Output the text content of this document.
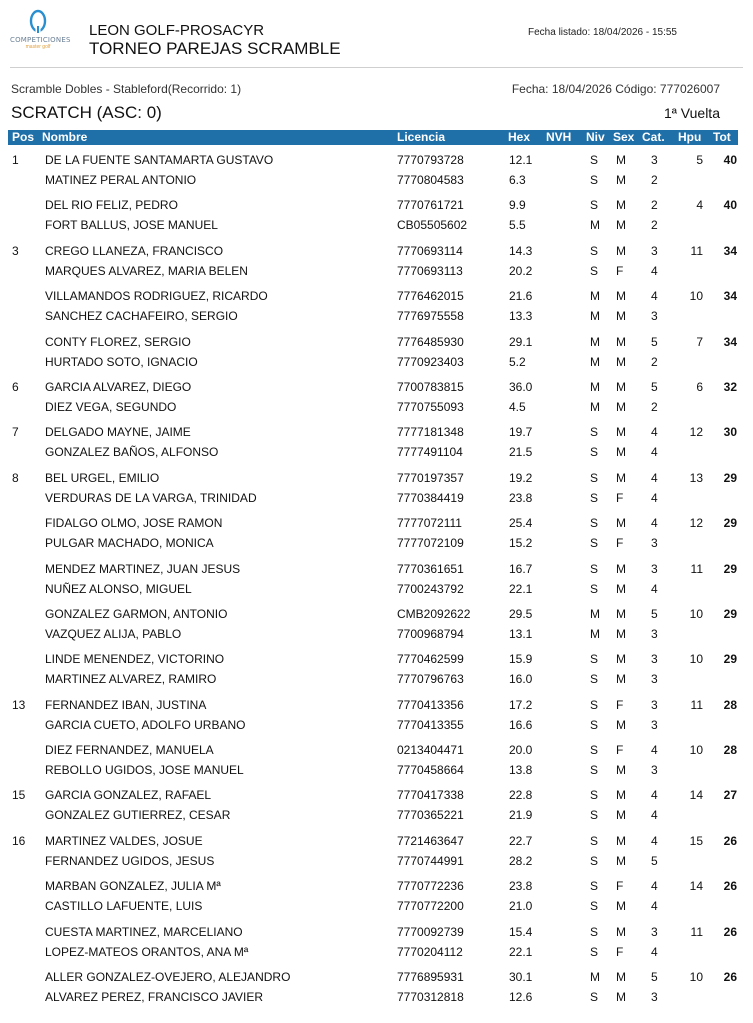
COMPETICIONES
master golf
LEON GOLF-PROSACYR
TORNEO PAREJAS SCRAMBLE
Fecha listado: 18/04/2026 - 15:55
Scramble Dobles - Stableford(Recorrido: 1)	Fecha: 18/04/2026 Código: 777026007
SCRATCH (ASC: 0)	1ª Vuelta
Pos Nombre	Licencia	Hex NVH Niv Sex Cat. Hpu Tot
1 DE LA FUENTE SANTAMARTA GUSTAVO	7770793728	12.1	S M 3	5 40
MATINEZ PERAL ANTONIO	7770804583	6.3	S M 2
DEL RIO FELIZ, PEDRO	7770761721	9.9	S M 2	4 40
FORT BALLUS, JOSE MANUEL	CB05505602	5.5	M M 2
3 CREGO LLANEZA, FRANCISCO	7770693114	14.3	S M 3	11 34
MARQUES ALVAREZ, MARIA BELEN	7770693113	20.2	S F 4
VILLAMANDOS RODRIGUEZ, RICARDO	7776462015	21.6	M M 4	10 34
SANCHEZ CACHAFEIRO, SERGIO	7776975558	13.3	M M 3
CONTY FLOREZ, SERGIO	7776485930	29.1	M M 5	7 34
HURTADO SOTO, IGNACIO	7770923403	5.2	M M 2
6 GARCIA ALVAREZ, DIEGO	7700783815	36.0	M M 5	6 32
DIEZ VEGA, SEGUNDO	7770755093	4.5	M M 2
7 DELGADO MAYNE, JAIME	7777181348	19.7	S M 4	12 30
GONZALEZ BAÑOS, ALFONSO	7777491104	21.5	S M 4
8 BEL URGEL, EMILIO	7770197357	19.2	S M 4	13 29
VERDURAS DE LA VARGA, TRINIDAD	7770384419	23.8	S F 4
FIDALGO OLMO, JOSE RAMON	7777072111	25.4	S M 4	12 29
PULGAR MACHADO, MONICA	7777072109	15.2	S F 3
MENDEZ MARTINEZ, JUAN JESUS	7770361651	16.7	S M 3	11 29
NUÑEZ ALONSO, MIGUEL	7700243792	22.1	S M 4
GONZALEZ GARMON, ANTONIO	CMB2092622	29.5	M M 5	10 29
VAZQUEZ ALIJA, PABLO	7700968794	13.1	M M 3
LINDE MENENDEZ, VICTORINO	7770462599	15.9	S M 3	10 29
MARTINEZ ALVAREZ, RAMIRO	7770796763	16.0	S M 3
13 FERNANDEZ IBAN, JUSTINA	7770413356	17.2	S F 3	11 28
GARCIA CUETO, ADOLFO URBANO	7770413355	16.6	S M 3
DIEZ FERNANDEZ, MANUELA	0213404471	20.0	S F 4	10 28
REBOLLO UGIDOS, JOSE MANUEL	7770458664	13.8	S M 3
15 GARCIA GONZALEZ, RAFAEL	7770417338	22.8	S M 4	14 27
GONZALEZ GUTIERREZ, CESAR	7770365221	21.9	S M 4
16 MARTINEZ VALDES, JOSUE	7721463647	22.7	S M 4	15 26
FERNANDEZ UGIDOS, JESUS	7770744991	28.2	S M 5
MARBAN GONZALEZ, JULIA Mª	7770772236	23.8	S F 4	14 26
CASTILLO LAFUENTE, LUIS	7770772200	21.0	S M 4
CUESTA MARTINEZ, MARCELIANO	7770092739	15.4	S M 3	11 26
LOPEZ-MATEOS ORANTOS, ANA Mª	7770204112	22.1	S F 4
ALLER GONZALEZ-OVEJERO, ALEJANDRO	7776895931	30.1	M M 5	10 26
ALVAREZ PEREZ, FRANCISCO JAVIER	7770312818	12.6	S M 3
